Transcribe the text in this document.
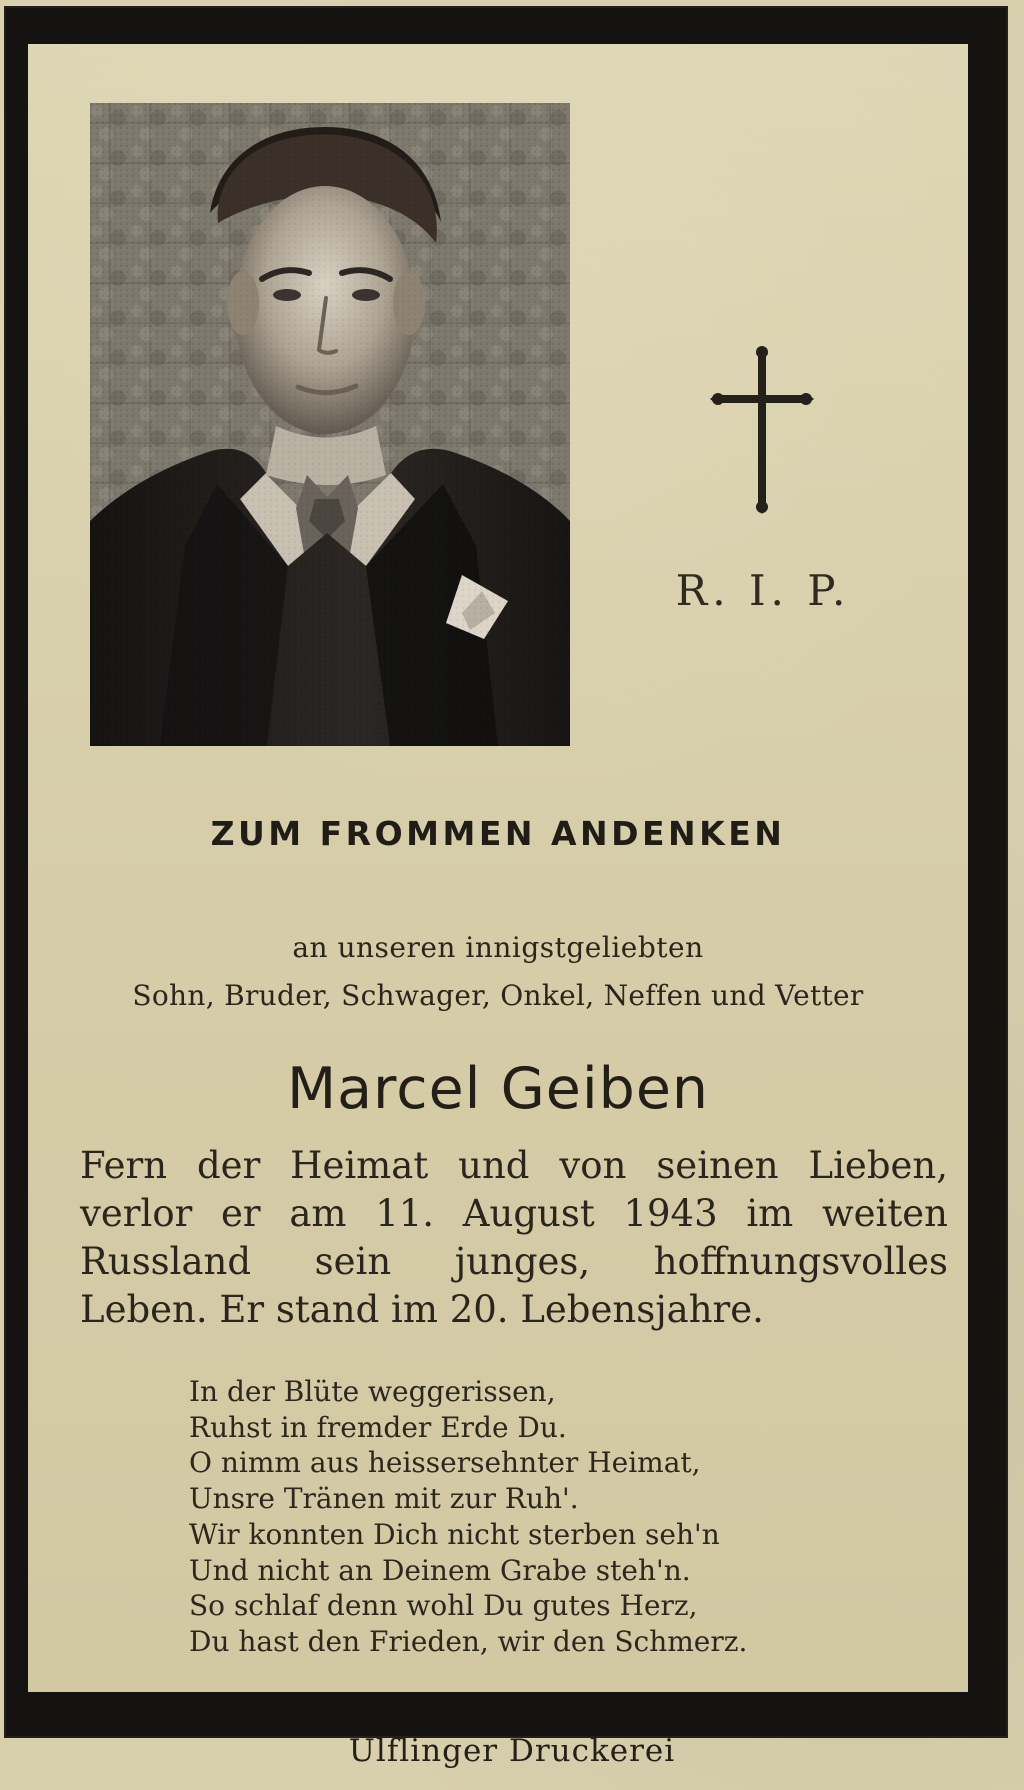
R. I. P.
ZUM FROMMEN ANDENKEN
an unseren innigstgeliebten
Sohn, Bruder, Schwager, Onkel, Neffen und Vetter
Marcel Geiben
Fern der Heimat und von seinen Lieben,
verlor er am 11. August 1943 im weiten
Russland sein junges, hoffnungsvolles
Leben. Er stand im 20. Lebensjahre.
In der Blüte weggerissen,
Ruhst in fremder Erde Du.
O nimm aus heissersehnter Heimat,
Unsre Tränen mit zur Ruh'.
Wir konnten Dich nicht sterben seh'n
Und nicht an Deinem Grabe steh'n.
So schlaf denn wohl Du gutes Herz,
Du hast den Frieden, wir den Schmerz.
Ulflinger Druckerei
